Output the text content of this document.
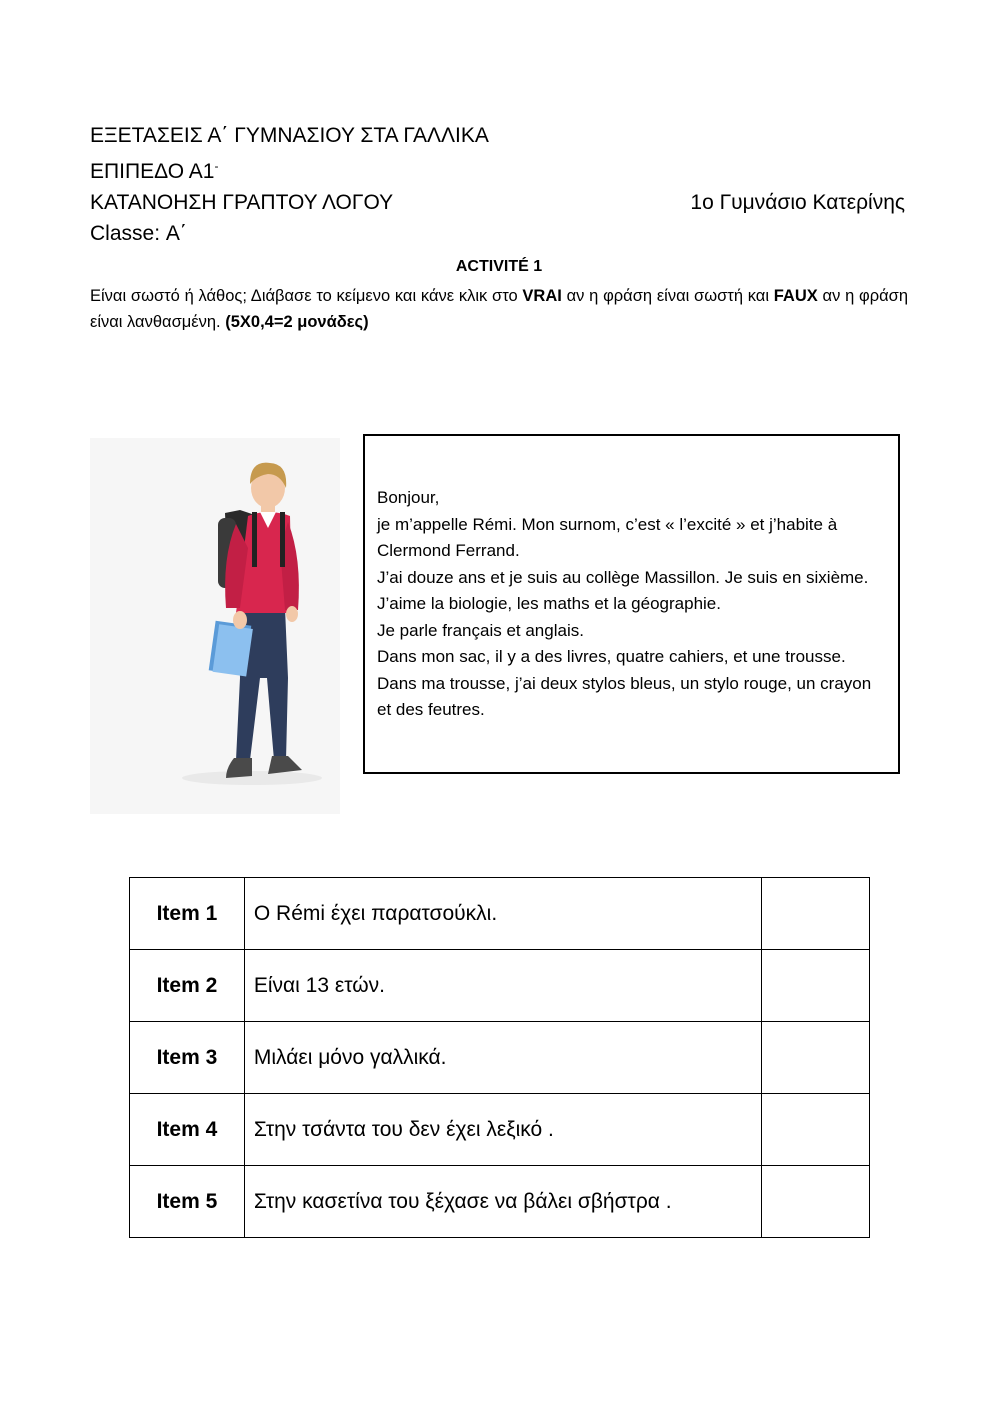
ΕΞΕΤΑΣΕΙΣ Α΄ ΓΥΜΝΑΣΙΟΥ ΣΤΑ ΓΑΛΛΙΚΑ
ΕΠΙΠΕΔΟ Α1-
ΚΑΤΑΝΟΗΣΗ ΓΡΑΠΤΟΥ ΛΟΓΟΥ	1ο Γυμνάσιο Κατερίνης
Classe: Α΄
ACTIVITÉ 1
Είναι σωστό ή λάθος; Διάβασε το κείμενο και κάνε κλικ στο VRAI αν η φράση είναι σωστή και FAUX αν η φράση είναι λανθασμένη. (5Χ0,4=2 μονάδες)

Bonjour,

je m’appelle Rémi. Mon surnom, c’est « l’excité » et j’habite à Clermond Ferrand.

J’ai douze ans et je suis au collège Massillon. Je suis en sixième. J’aime la biologie, les maths et la géographie.

Je parle français et anglais.

Dans mon sac, il y a des livres, quatre cahiers, et une trousse. Dans ma trousse, j’ai deux stylos bleus, un stylo rouge, un crayon et des feutres.

Item 1	Ο Rémi έχει παρατσούκλι.	
Item 2	Είναι 13 ετών.	
Item 3	Μιλάει μόνο γαλλικά.	
Item 4	Στην τσάντα του δεν έχει λεξικό .	
Item 5	Στην κασετίνα του ξέχασε να βάλει σβήστρα .	
